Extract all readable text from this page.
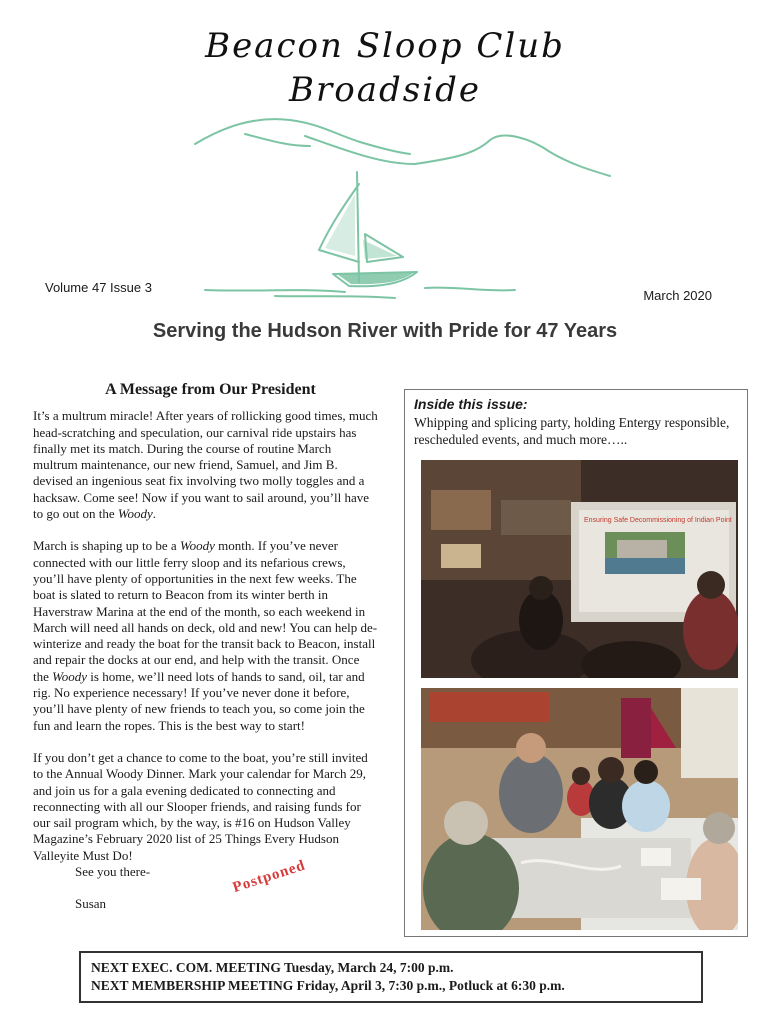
Beacon Sloop Club
Broadside
Volume 47 Issue 3
March 2020
Serving the Hudson River with Pride for 47 Years
A Message from Our President

It’s a multrum miracle! After years of rollicking good times, much head-scratching and speculation, our carnival ride upstairs has finally met its match. During the course of routine March multrum maintenance, our new friend, Samuel, and Jim B. devised an ingenious seat fix involving two molly toggles and a hacksaw. Come see! Now if you want to sail around, you’ll have to go out on the Woody.

March is shaping up to be a Woody month. If you’ve never connected with our little ferry sloop and its nefarious crews, you’ll have plenty of opportunities in the next few weeks. The boat is slated to return to Beacon from its winter berth in Haverstraw Marina at the end of the month, so each weekend in March will need all hands on deck, old and new! You can help de-winterize and ready the boat for the transit back to Beacon, install and repair the docks at our end, and help with the transit. Once the Woody is home, we’ll need lots of hands to sand, oil, tar and rig. No experience necessary! If you’ve never done it before, you’ll have plenty of new friends to teach you, so come join the fun and learn the ropes. This is the best way to start!

If you don’t get a chance to come to the boat, you’re still invited to the Annual Woody Dinner. Mark your calendar for March 29, and join us for a gala evening dedicated to connecting and reconnecting with all our Slooper friends, and raising funds for our sail program which, by the way, is #16 on Hudson Valley Magazine’s February 2020 list of 25 Things Every Hudson Valleyite Must Do!

See you there-

Susan

Postponed
Inside this issue:
Whipping and splicing party, holding Entergy responsible, rescheduled events, and much more…..
Ensuring Safe Decommissioning of Indian Point
NEXT EXEC. COM. MEETING Tuesday, March 24, 7:00 p.m.
NEXT MEMBERSHIP MEETING Friday, April 3, 7:30 p.m., Potluck at 6:30 p.m.
